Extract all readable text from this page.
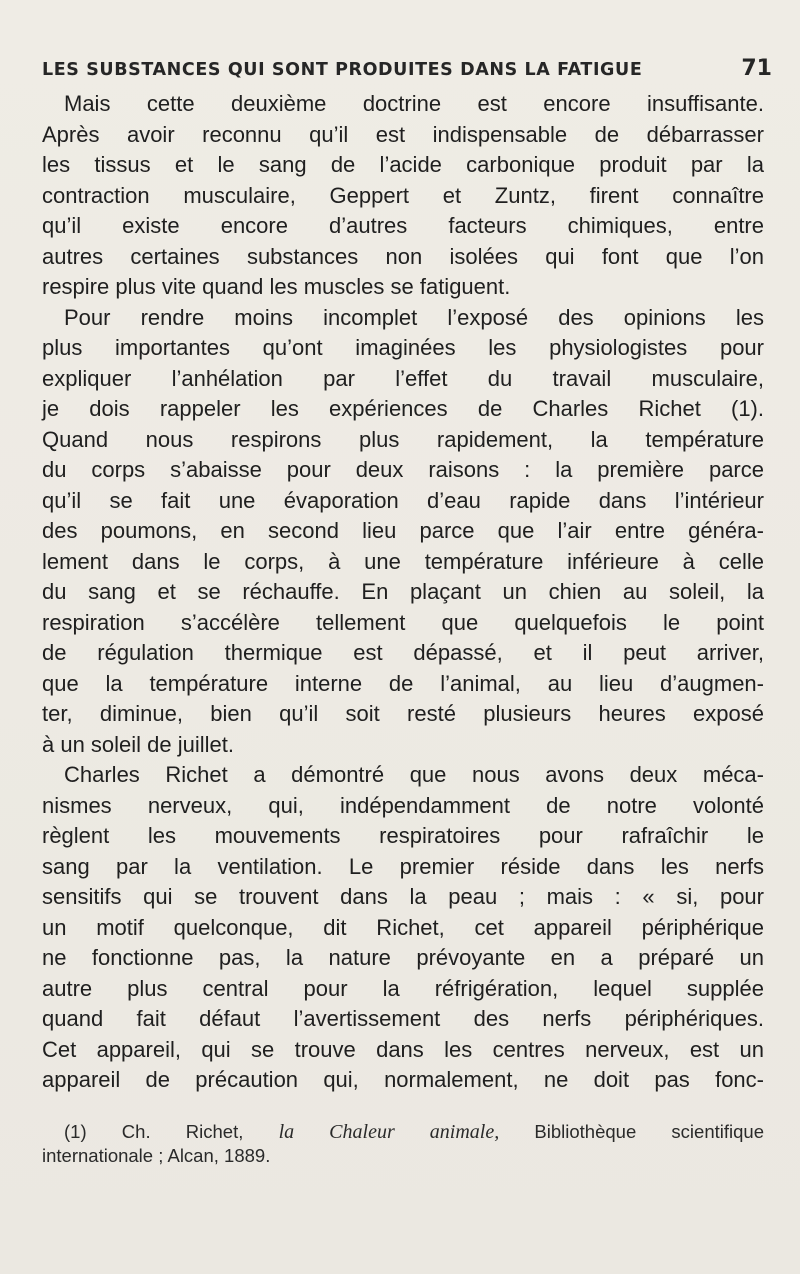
LES SUBSTANCES QUI SONT PRODUITES DANS LA FATIGUE	71
Mais cette deuxième doctrine est encore insuffisante.
Après avoir reconnu qu’il est indispensable de débarrasser
les tissus et le sang de l’acide carbonique produit par la
contraction musculaire, Geppert et Zuntz, firent connaître
qu’il existe encore d’autres facteurs chimiques, entre
autres certaines substances non isolées qui font que l’on
respire plus vite quand les muscles se fatiguent.
Pour rendre moins incomplet l’exposé des opinions les
plus importantes qu’ont imaginées les physiologistes pour
expliquer l’anhélation par l’effet du travail musculaire,
je dois rappeler les expériences de Charles Richet (1).
Quand nous respirons plus rapidement, la température
du corps s’abaisse pour deux raisons : la première parce
qu’il se fait une évaporation d’eau rapide dans l’intérieur
des poumons, en second lieu parce que l’air entre généra-
lement dans le corps, à une température inférieure à celle
du sang et se réchauffe. En plaçant un chien au soleil, la
respiration s’accélère tellement que quelquefois le point
de régulation thermique est dépassé, et il peut arriver,
que la température interne de l’animal, au lieu d’augmen-
ter, diminue, bien qu’il soit resté plusieurs heures exposé
à un soleil de juillet.
Charles Richet a démontré que nous avons deux méca-
nismes nerveux, qui, indépendamment de notre volonté
règlent les mouvements respiratoires pour rafraîchir le
sang par la ventilation. Le premier réside dans les nerfs
sensitifs qui se trouvent dans la peau ; mais : « si, pour
un motif quelconque, dit Richet, cet appareil périphérique
ne fonctionne pas, la nature prévoyante en a préparé un
autre plus central pour la réfrigération, lequel supplée
quand fait défaut l’avertissement des nerfs périphériques.
Cet appareil, qui se trouve dans les centres nerveux, est un
appareil de précaution qui, normalement, ne doit pas fonc-
(1) Ch. Richet, la Chaleur animale, Bibliothèque scientifique
internationale ; Alcan, 1889.
